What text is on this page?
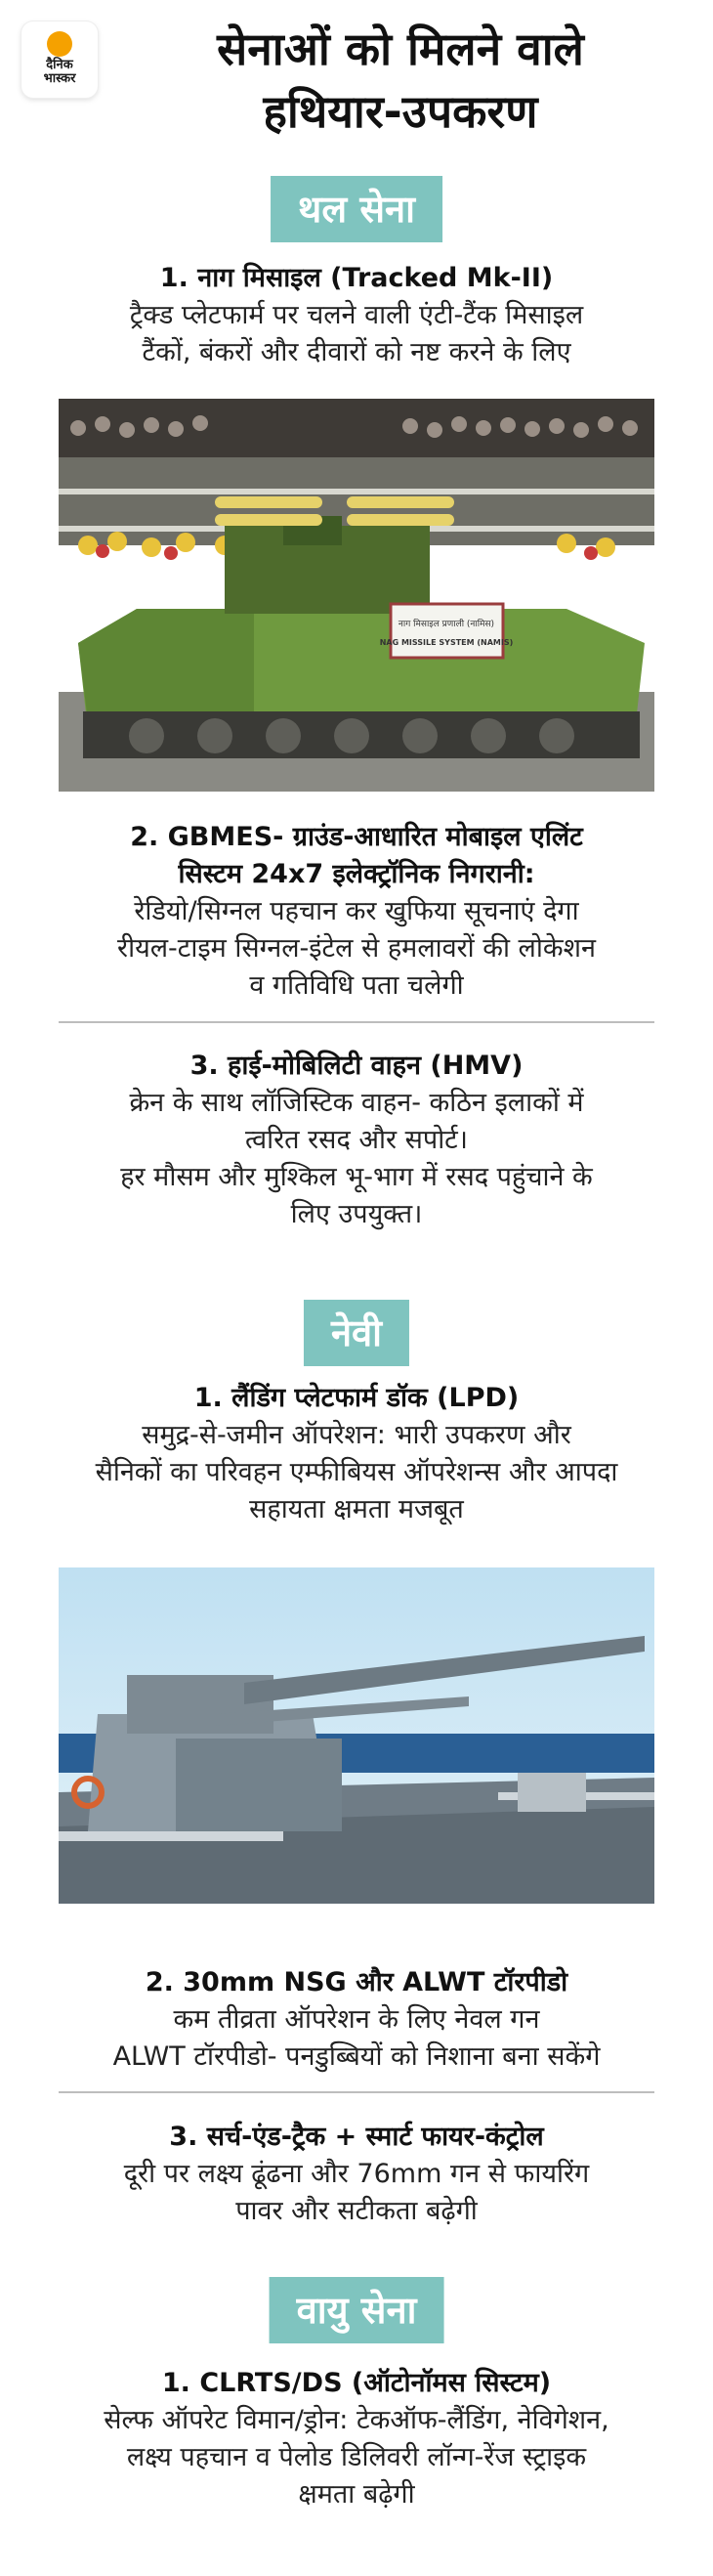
दैनिक
भास्कर
सेनाओं को मिलने वाले
हथियार-उपकरण
थल सेना
1. नाग मिसाइल (Tracked Mk-II)
ट्रैक्ड प्लेटफार्म पर चलने वाली एंटी-टैंक मिसाइल
टैंकों, बंकरों और दीवारों को नष्ट करने के लिए
नाग मिसाइल प्रणाली (नामिस)
NAG MISSILE SYSTEM (NAMIS)
2. GBMES- ग्राउंड-आधारित मोबाइल एलिंट
सिस्टम 24x7 इलेक्ट्रॉनिक निगरानी:
रेडियो/सिग्नल पहचान कर खुफिया सूचनाएं देगा
रीयल-टाइम सिग्नल-इंटेल से हमलावरों की लोकेशन
व गतिविधि पता चलेगी
3. हाई-मोबिलिटी वाहन (HMV)
क्रेन के साथ लॉजिस्टिक वाहन- कठिन इलाकों में
त्वरित रसद और सपोर्ट।
हर मौसम और मुश्किल भू-भाग में रसद पहुंचाने के
लिए उपयुक्त।
नेवी
1. लैंडिंग प्लेटफार्म डॉक (LPD)
समुद्र-से-जमीन ऑपरेशन: भारी उपकरण और
सैनिकों का परिवहन एम्फीबियस ऑपरेशन्स और आपदा
सहायता क्षमता मजबूत
2. 30mm NSG और ALWT टॉरपीडो
कम तीव्रता ऑपरेशन के लिए नेवल गन
ALWT टॉरपीडो- पनडुब्बियों को निशाना बना सकेंगे
3. सर्च-एंड-ट्रैक + स्मार्ट फायर-कंट्रोल
दूरी पर लक्ष्य ढूंढना और 76mm गन से फायरिंग
पावर और सटीकता बढ़ेगी
वायु सेना
1. CLRTS/DS (ऑटोनॉमस सिस्टम)
सेल्फ ऑपरेट विमान/ड्रोन: टेकऑफ-लैंडिंग, नेविगेशन,
लक्ष्य पहचान व पेलोड डिलिवरी लॉन्ग-रेंज स्ट्राइक
क्षमता बढ़ेगी
